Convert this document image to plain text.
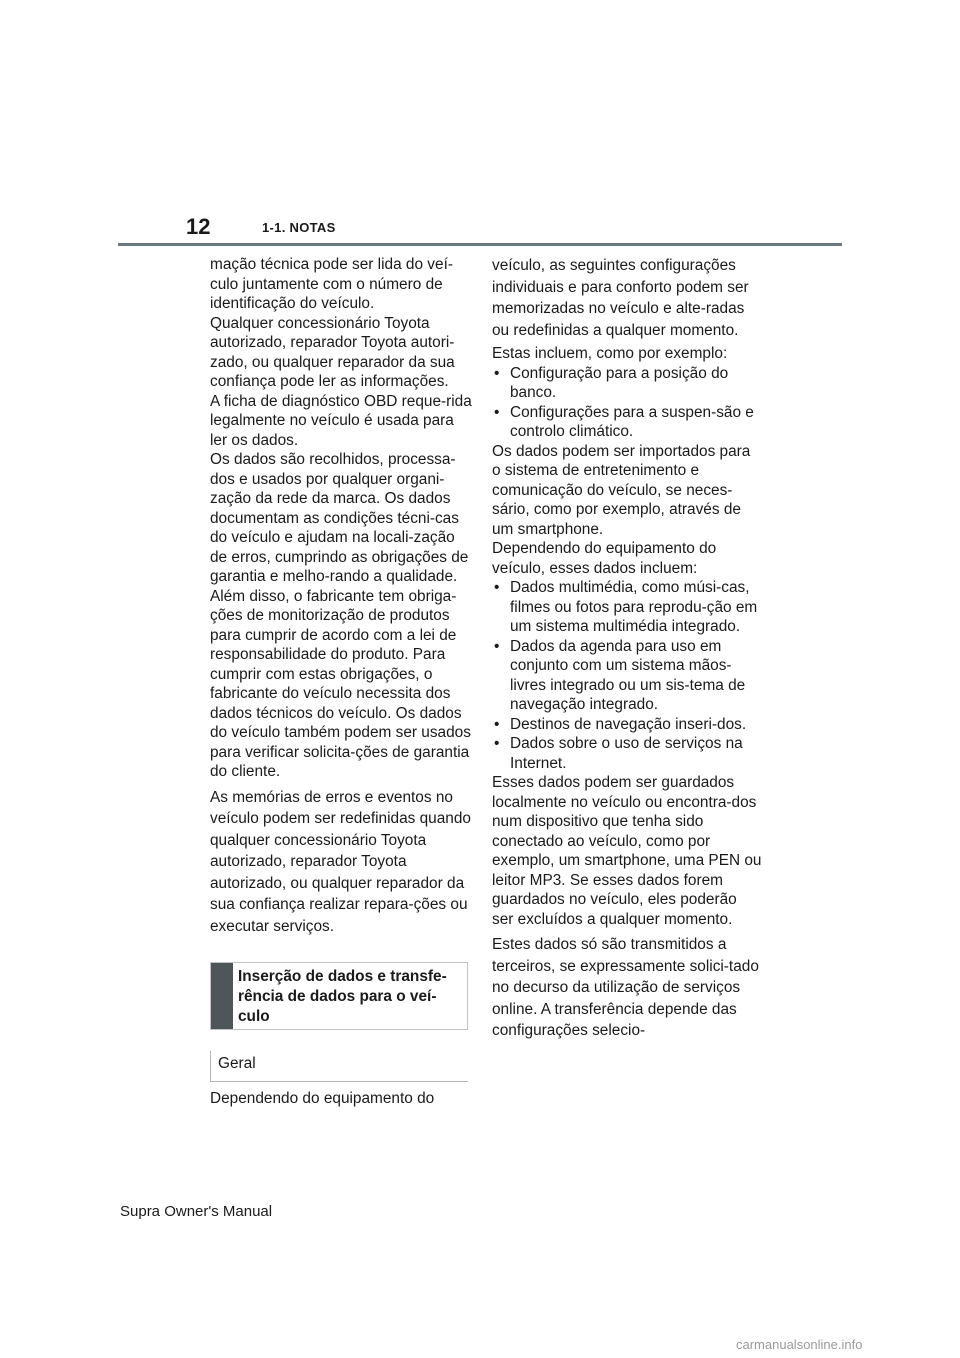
12	1-1. NOTAS

mação técnica pode ser lida do veí-culo juntamente com o número de identificação do veículo.

Qualquer concessionário Toyota autorizado, reparador Toyota autori-zado, ou qualquer reparador da sua confiança pode ler as informações.

A ficha de diagnóstico OBD reque-rida legalmente no veículo é usada para ler os dados.

Os dados são recolhidos, processa-dos e usados por qualquer organi-zação da rede da marca. Os dados documentam as condições técni-cas do veículo e ajudam na locali-zação de erros, cumprindo as obrigações de garantia e melho-rando a qualidade.

Além disso, o fabricante tem obriga-ções de monitorização de produtos para cumprir de acordo com a lei de responsabilidade do produto. Para cumprir com estas obrigações, o fabricante do veículo necessita dos dados técnicos do veículo. Os dados do veículo também podem ser usados para verificar solicita-ções de garantia do cliente.

As memórias de erros e eventos no veículo podem ser redefinidas quando qualquer concessionário Toyota autorizado, reparador Toyota autorizado, ou qualquer reparador da sua confiança realizar repara-ções ou executar serviços.

Inserção de dados e transfe-rência de dados para o veí-culo
Geral
Dependendo do equipamento do

veículo, as seguintes configurações individuais e para conforto podem ser memorizadas no veículo e alte-radas ou redefinidas a qualquer momento.

Estas incluem, como por exemplo:

• Configuração para a posição do banco.
• Configurações para a suspen-são e controlo climático.

Os dados podem ser importados para o sistema de entretenimento e comunicação do veículo, se neces-sário, como por exemplo, através de um smartphone.

Dependendo do equipamento do veículo, esses dados incluem:

• Dados multimédia, como músi-cas, filmes ou fotos para reprodu-ção em um sistema multimédia integrado.
• Dados da agenda para uso em conjunto com um sistema mãos-livres integrado ou um sis-tema de navegação integrado.
• Destinos de navegação inseri-dos.
• Dados sobre o uso de serviços na Internet.

Esses dados podem ser guardados localmente no veículo ou encontra-dos num dispositivo que tenha sido conectado ao veículo, como por exemplo, um smartphone, uma PEN ou leitor MP3. Se esses dados forem guardados no veículo, eles poderão ser excluídos a qualquer momento.

Estes dados só são transmitidos a terceiros, se expressamente solici-tado no decurso da utilização de serviços online. A transferência depende das configurações selecio-

Supra Owner's Manual
carmanualsonline.info
